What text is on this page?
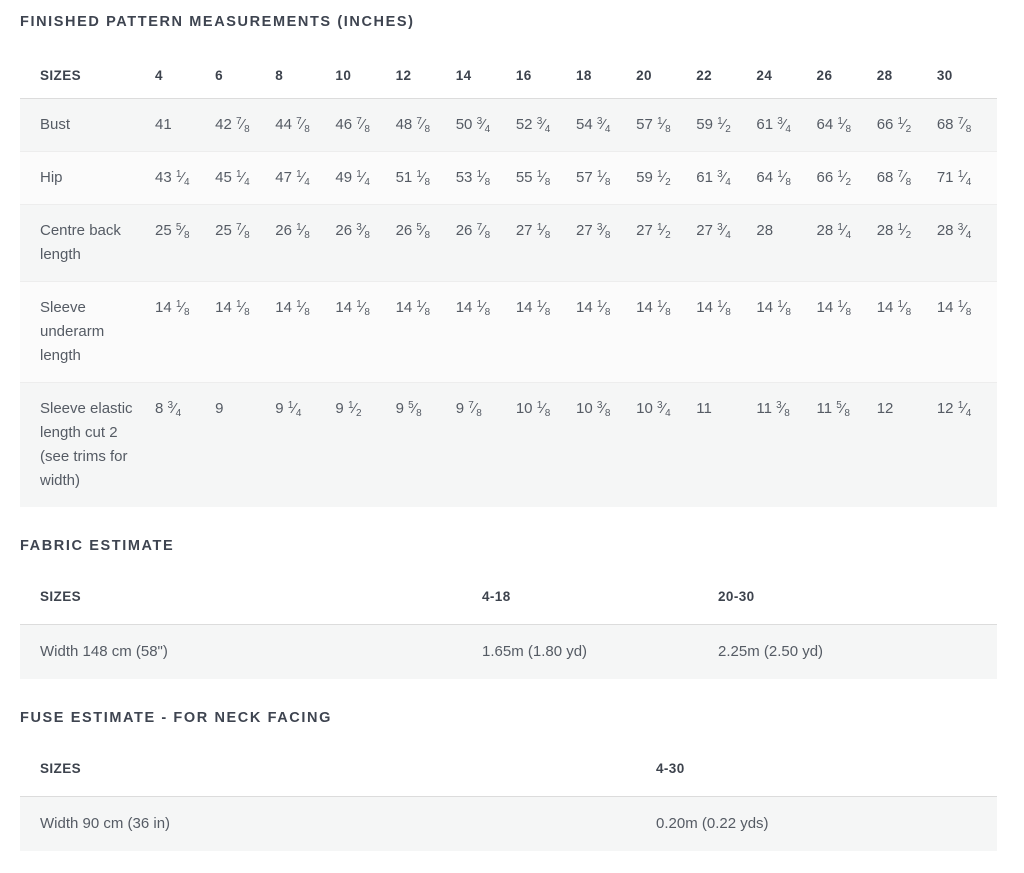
FINISHED PATTERN MEASUREMENTS (INCHES)
SIZES	4	6	8	10	12	14	16	18	20	22	24	26	28	30
Bust	41	42 $^7⁄_8$	44 $^7⁄_8$	46 $^7⁄_8$	48 $^7⁄_8$	50 $^3⁄_4$	52 $^3⁄_4$	54 $^3⁄_4$	57 $^1⁄_8$	59 $^1⁄_2$	61 $^3⁄_4$	64 $^1⁄_8$	66 $^1⁄_2$	68 $^7⁄_8$
Hip	43 $^1⁄_4$	45 $^1⁄_4$	47 $^1⁄_4$	49 $^1⁄_4$	51 $^1⁄_8$	53 $^1⁄_8$	55 $^1⁄_8$	57 $^1⁄_8$	59 $^1⁄_2$	61 $^3⁄_4$	64 $^1⁄_8$	66 $^1⁄_2$	68 $^7⁄_8$	71 $^1⁄_4$
Centre back length	25 $^5⁄_8$	25 $^7⁄_8$	26 $^1⁄_8$	26 $^3⁄_8$	26 $^5⁄_8$	26 $^7⁄_8$	27 $^1⁄_8$	27 $^3⁄_8$	27 $^1⁄_2$	27 $^3⁄_4$	28	28 $^1⁄_4$	28 $^1⁄_2$	28 $^3⁄_4$
Sleeve underarm length	14 $^1⁄_8$	14 $^1⁄_8$	14 $^1⁄_8$	14 $^1⁄_8$	14 $^1⁄_8$	14 $^1⁄_8$	14 $^1⁄_8$	14 $^1⁄_8$	14 $^1⁄_8$	14 $^1⁄_8$	14 $^1⁄_8$	14 $^1⁄_8$	14 $^1⁄_8$	14 $^1⁄_8$
Sleeve elastic length cut 2 (see trims for width)	8 $^3⁄_4$	9	9 $^1⁄_4$	9 $^1⁄_2$	9 $^5⁄_8$	9 $^7⁄_8$	10 $^1⁄_8$	10 $^3⁄_8$	10 $^3⁄_4$	11	11 $^3⁄_8$	11 $^5⁄_8$	12	12 $^1⁄_4$
FABRIC ESTIMATE
SIZES	4-18	20-30
Width 148 cm (58")	1.65m (1.80 yd)	2.25m (2.50 yd)
FUSE ESTIMATE - FOR NECK FACING
SIZES	4-30
Width 90 cm (36 in)	0.20m (0.22 yds)
